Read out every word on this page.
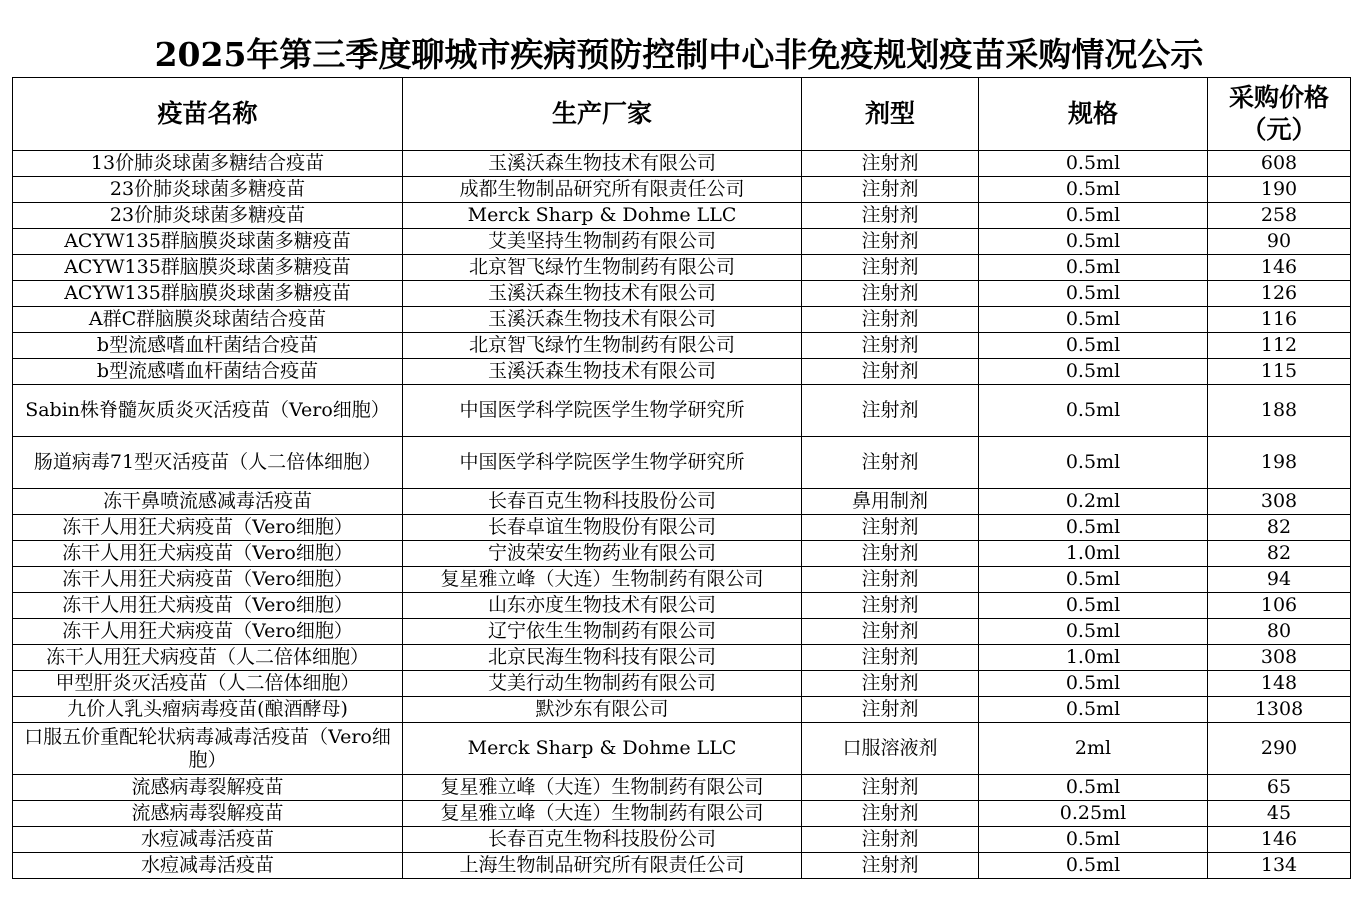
2025年第三季度聊城市疾病预防控制中心非免疫规划疫苗采购情况公示
疫苗名称	生产厂家	剂型	规格	采购价格（元）
13价肺炎球菌多糖结合疫苗	玉溪沃森生物技术有限公司	注射剂	0.5ml	608
23价肺炎球菌多糖疫苗	成都生物制品研究所有限责任公司	注射剂	0.5ml	190
23价肺炎球菌多糖疫苗	Merck Sharp & Dohme LLC	注射剂	0.5ml	258
ACYW135群脑膜炎球菌多糖疫苗	艾美坚持生物制药有限公司	注射剂	0.5ml	90
ACYW135群脑膜炎球菌多糖疫苗	北京智飞绿竹生物制药有限公司	注射剂	0.5ml	146
ACYW135群脑膜炎球菌多糖疫苗	玉溪沃森生物技术有限公司	注射剂	0.5ml	126
A群C群脑膜炎球菌结合疫苗	玉溪沃森生物技术有限公司	注射剂	0.5ml	116
b型流感嗜血杆菌结合疫苗	北京智飞绿竹生物制药有限公司	注射剂	0.5ml	112
b型流感嗜血杆菌结合疫苗	玉溪沃森生物技术有限公司	注射剂	0.5ml	115
Sabin株脊髓灰质炎灭活疫苗（Vero细胞）	中国医学科学院医学生物学研究所	注射剂	0.5ml	188
肠道病毒71型灭活疫苗（人二倍体细胞）	中国医学科学院医学生物学研究所	注射剂	0.5ml	198
冻干鼻喷流感减毒活疫苗	长春百克生物科技股份公司	鼻用制剂	0.2ml	308
冻干人用狂犬病疫苗（Vero细胞）	长春卓谊生物股份有限公司	注射剂	0.5ml	82
冻干人用狂犬病疫苗（Vero细胞）	宁波荣安生物药业有限公司	注射剂	1.0ml	82
冻干人用狂犬病疫苗（Vero细胞）	复星雅立峰（大连）生物制药有限公司	注射剂	0.5ml	94
冻干人用狂犬病疫苗（Vero细胞）	山东亦度生物技术有限公司	注射剂	0.5ml	106
冻干人用狂犬病疫苗（Vero细胞）	辽宁依生生物制药有限公司	注射剂	0.5ml	80
冻干人用狂犬病疫苗（人二倍体细胞）	北京民海生物科技有限公司	注射剂	1.0ml	308
甲型肝炎灭活疫苗（人二倍体细胞）	艾美行动生物制药有限公司	注射剂	0.5ml	148
九价人乳头瘤病毒疫苗(酿酒酵母)	默沙东有限公司	注射剂	0.5ml	1308
口服五价重配轮状病毒减毒活疫苗（Vero细胞）	Merck Sharp & Dohme LLC	口服溶液剂	2ml	290
流感病毒裂解疫苗	复星雅立峰（大连）生物制药有限公司	注射剂	0.5ml	65
流感病毒裂解疫苗	复星雅立峰（大连）生物制药有限公司	注射剂	0.25ml	45
水痘减毒活疫苗	长春百克生物科技股份公司	注射剂	0.5ml	146
水痘减毒活疫苗	上海生物制品研究所有限责任公司	注射剂	0.5ml	134
